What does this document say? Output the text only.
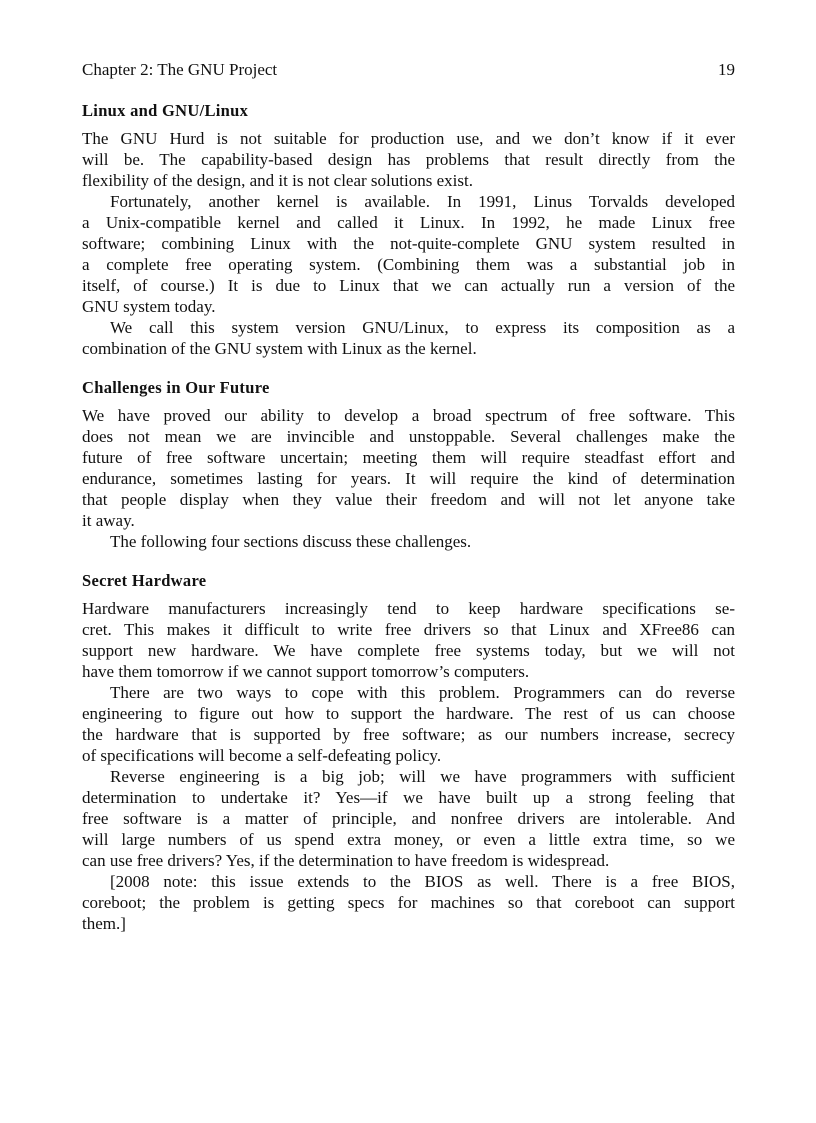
Chapter 2: The GNU Project	19
Linux and GNU/Linux
The GNU Hurd is not suitable for production use, and we don’t know if it ever
will be. The capability-based design has problems that result directly from the
flexibility of the design, and it is not clear solutions exist.
Fortunately, another kernel is available. In 1991, Linus Torvalds developed
a Unix-compatible kernel and called it Linux. In 1992, he made Linux free
software; combining Linux with the not-quite-complete GNU system resulted in
a complete free operating system. (Combining them was a substantial job in
itself, of course.) It is due to Linux that we can actually run a version of the
GNU system today.
We call this system version GNU/Linux, to express its composition as a
combination of the GNU system with Linux as the kernel.
Challenges in Our Future
We have proved our ability to develop a broad spectrum of free software. This
does not mean we are invincible and unstoppable. Several challenges make the
future of free software uncertain; meeting them will require steadfast effort and
endurance, sometimes lasting for years. It will require the kind of determination
that people display when they value their freedom and will not let anyone take
it away.
The following four sections discuss these challenges.
Secret Hardware
Hardware manufacturers increasingly tend to keep hardware specifications se-
cret. This makes it difficult to write free drivers so that Linux and XFree86 can
support new hardware. We have complete free systems today, but we will not
have them tomorrow if we cannot support tomorrow’s computers.
There are two ways to cope with this problem. Programmers can do reverse
engineering to figure out how to support the hardware. The rest of us can choose
the hardware that is supported by free software; as our numbers increase, secrecy
of specifications will become a self-defeating policy.
Reverse engineering is a big job; will we have programmers with sufficient
determination to undertake it? Yes—if we have built up a strong feeling that
free software is a matter of principle, and nonfree drivers are intolerable. And
will large numbers of us spend extra money, or even a little extra time, so we
can use free drivers? Yes, if the determination to have freedom is widespread.
[2008 note: this issue extends to the BIOS as well. There is a free BIOS,
coreboot; the problem is getting specs for machines so that coreboot can support
them.]
